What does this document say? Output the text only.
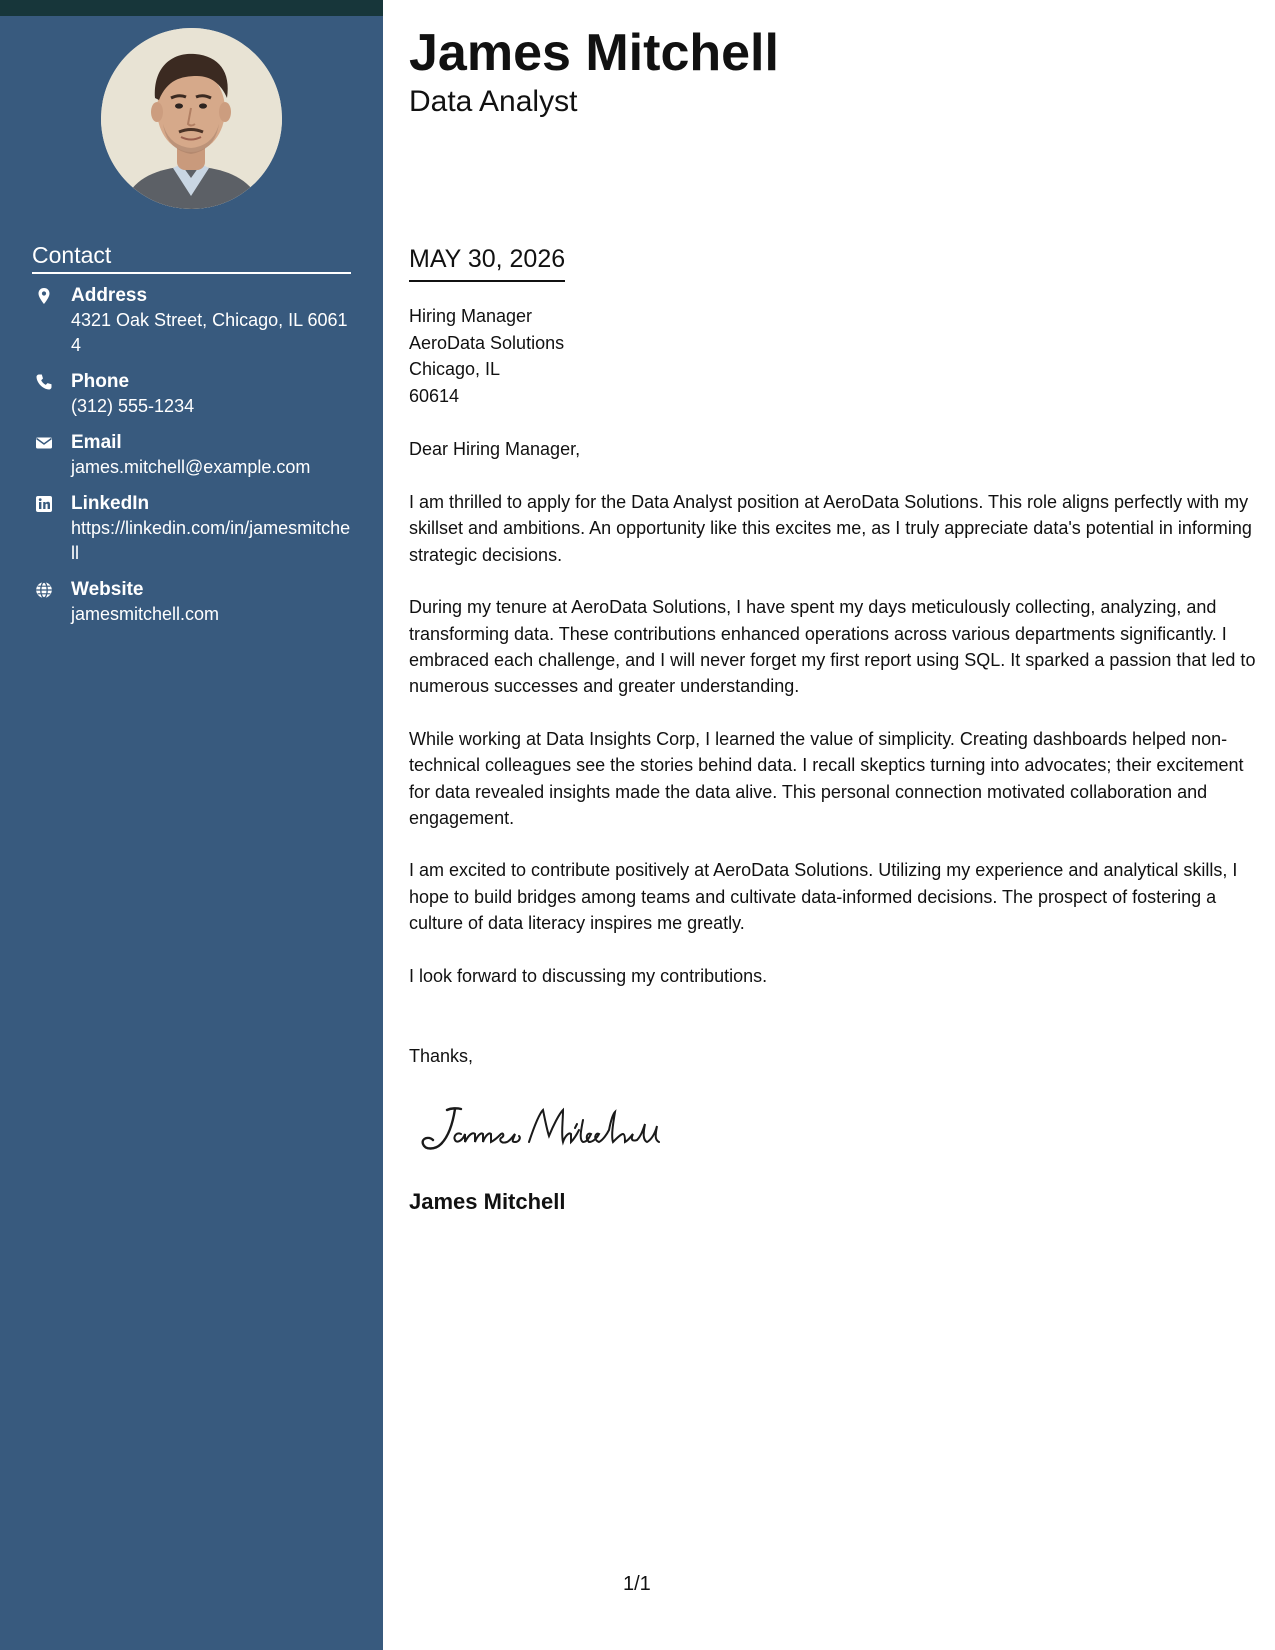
Contact
Address
4321 Oak Street, Chicago, IL 60614
Phone
(312) 555-1234
Email
james.mitchell@example.com
LinkedIn
https://linkedin.com/in/jamesmitchell
Website
jamesmitchell.com
James Mitchell
Data Analyst
MAY 30, 2026
Hiring Manager
AeroData Solutions
Chicago, IL
60614
Dear Hiring Manager,

I am thrilled to apply for the Data Analyst position at AeroData Solutions. This role aligns perfectly with my skillset and ambitions. An opportunity like this excites me, as I truly appreciate data's potential in informing strategic decisions.

During my tenure at AeroData Solutions, I have spent my days meticulously collecting, analyzing, and transforming data. These contributions enhanced operations across various departments significantly. I embraced each challenge, and I will never forget my first report using SQL. It sparked a passion that led to numerous successes and greater understanding.

While working at Data Insights Corp, I learned the value of simplicity. Creating dashboards helped non-technical colleagues see the stories behind data. I recall skeptics turning into advocates; their excitement for data revealed insights made the data alive. This personal connection motivated collaboration and engagement.

I am excited to contribute positively at AeroData Solutions. Utilizing my experience and analytical skills, I hope to build bridges among teams and cultivate data-informed decisions. The prospect of fostering a culture of data literacy inspires me greatly.

I look forward to discussing my contributions.

Thanks,
James Mitchell
1/1
